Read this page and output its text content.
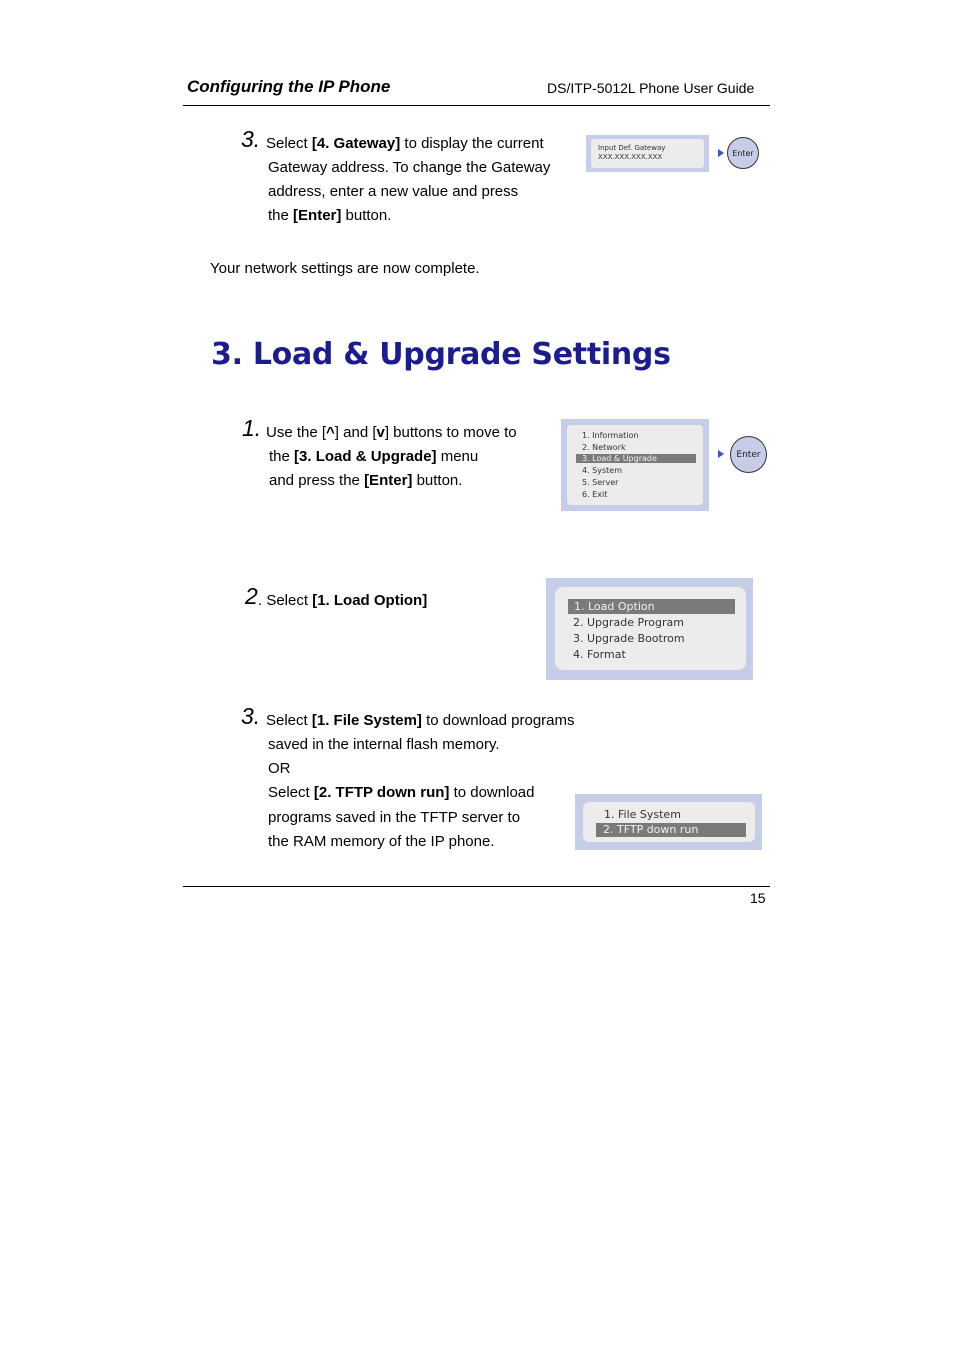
Configuring the IP Phone	DS/ITP-5012L Phone User Guide
3. Select [4. Gateway] to display the current
Gateway address. To change the Gateway
address, enter a new value and press
the [Enter] button.
Input Def. Gateway
XXX.XXX.XXX.XXX	Enter
Your network settings are now complete.
3. Load & Upgrade Settings
1. Use the [^] and [v] buttons to move to
the [3. Load & Upgrade] menu
and press the [Enter] button.
1. Information
2. Network
3. Load & Upgrade
4. System
5. Server
6. Exit
Enter
2 . Select [1. Load Option]	1. Load Option
2. Upgrade Program
3. Upgrade Bootrom
4. Format
3. Select [1. File System] to download programs
saved in the internal flash memory.
OR
Select [2. TFTP down run] to download
programs saved in the TFTP server to
the RAM memory of the IP phone.
1. File System
2. TFTP down run
15
